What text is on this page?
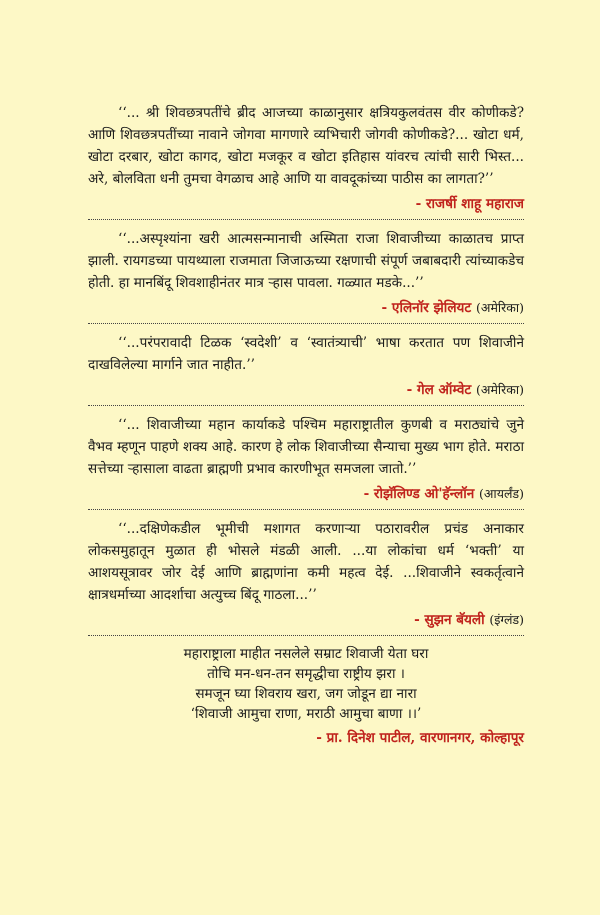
‘‘... श्री शिवछत्रपतींचे ब्रीद आजच्या काळानुसार क्षत्रियकुलवंतस वीर कोणीकडे? आणि शिवछत्रपतींच्या नावाने जोगवा मागणारे व्यभिचारी जोगवी कोणीकडे?... खोटा धर्म, खोटा दरबार, खोटा कागद, खोटा मजकूर व खोटा इतिहास यांवरच त्यांची सारी भिस्त... अरे, बोलविता धनी तुमचा वेगळाच आहे आणि या वावदूकांच्या पाठीस का लागता?’’

- राजर्षी शाहू महाराज

‘‘...अस्पृश्यांना खरी आत्मसन्मानाची अस्मिता राजा शिवाजीच्या काळातच प्राप्त झाली. रायगडच्या पायथ्याला राजमाता जिजाऊच्या रक्षणाची संपूर्ण जबाबदारी त्यांच्याकडेच होती. हा मानबिंदू शिवशाहीनंतर मात्र ऱ्हास पावला. गळ्यात मडके...’’

- एलिनॉर झेलियट (अमेरिका)

‘‘...परंपरावादी टिळक ‘स्वदेशी’ व ‘स्वातंत्र्याची’ भाषा करतात पण शिवाजीने दाखविलेल्या मार्गाने जात नाहीत.’’

- गेल ऑम्वेट (अमेरिका)

‘‘... शिवाजीच्या महान कार्याकडे पश्चिम महाराष्ट्रातील कुणबी व मराठ्यांचे जुने वैभव म्हणून पाहणे शक्य आहे. कारण हे लोक शिवाजीच्या सैन्याचा मुख्य भाग होते. मराठा सत्तेच्या ऱ्हासाला वाढता ब्राह्मणी प्रभाव कारणीभूत समजला जातो.’’

- रोझॅलिण्ड ओ'हॅन्लॉन (आयर्लंड)

‘‘...दक्षिणेकडील भूमीची मशागत करणाऱ्या पठारावरील प्रचंड अनाकार लोकसमुहातून मुळात ही भोसले मंडळी आली. ...या लोकांचा धर्म ‘भक्ती’ या आशयसूत्रावर जोर देई आणि ब्राह्मणांना कमी महत्व देई. ...शिवाजीने स्वकर्तृत्वाने क्षात्रधर्माच्या आदर्शाचा अत्युच्च बिंदू गाठला...’’

- सुझन बॅयली (इंग्लंड)
महाराष्ट्राला माहीत नसलेले सम्राट शिवाजी येता घरा
तोचि मन-धन-तन समृद्धीचा राष्ट्रीय झरा ।
समजून घ्या शिवराय खरा, जग जोडून द्या नारा
‘शिवाजी आमुचा राणा, मराठी आमुचा बाणा ।।’
- प्रा. दिनेश पाटील, वारणानगर, कोल्हापूर
